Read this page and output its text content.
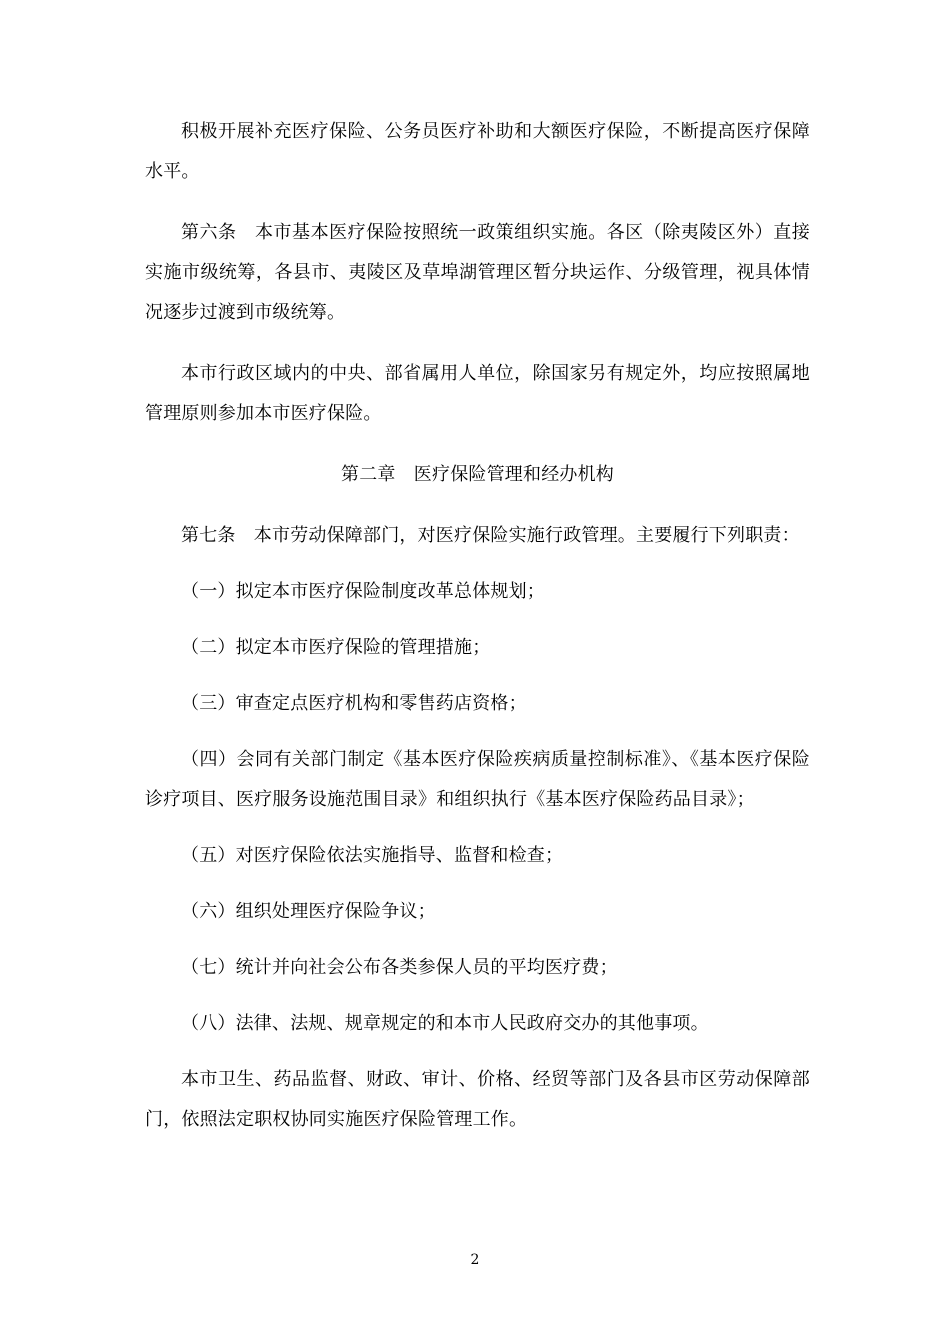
积极开展补充医疗保险、公务员医疗补助和大额医疗保险，不断提高医疗保障水平。

第六条　本市基本医疗保险按照统一政策组织实施。各区（除夷陵区外）直接实施市级统筹，各县市、夷陵区及草埠湖管理区暂分块运作、分级管理，视具体情况逐步过渡到市级统筹。

本市行政区域内的中央、部省属用人单位，除国家另有规定外，均应按照属地管理原则参加本市医疗保险。

第二章　医疗保险管理和经办机构

第七条　本市劳动保障部门，对医疗保险实施行政管理。主要履行下列职责：

（一）拟定本市医疗保险制度改革总体规划；

（二）拟定本市医疗保险的管理措施；

（三）审查定点医疗机构和零售药店资格；

（四）会同有关部门制定《基本医疗保险疾病质量控制标准》、《基本医疗保险诊疗项目、医疗服务设施范围目录》和组织执行《基本医疗保险药品目录》；

（五）对医疗保险依法实施指导、监督和检查；

（六）组织处理医疗保险争议；

（七）统计并向社会公布各类参保人员的平均医疗费；

（八）法律、法规、规章规定的和本市人民政府交办的其他事项。

本市卫生、药品监督、财政、审计、价格、经贸等部门及各县市区劳动保障部门，依照法定职权协同实施医疗保险管理工作。

2
